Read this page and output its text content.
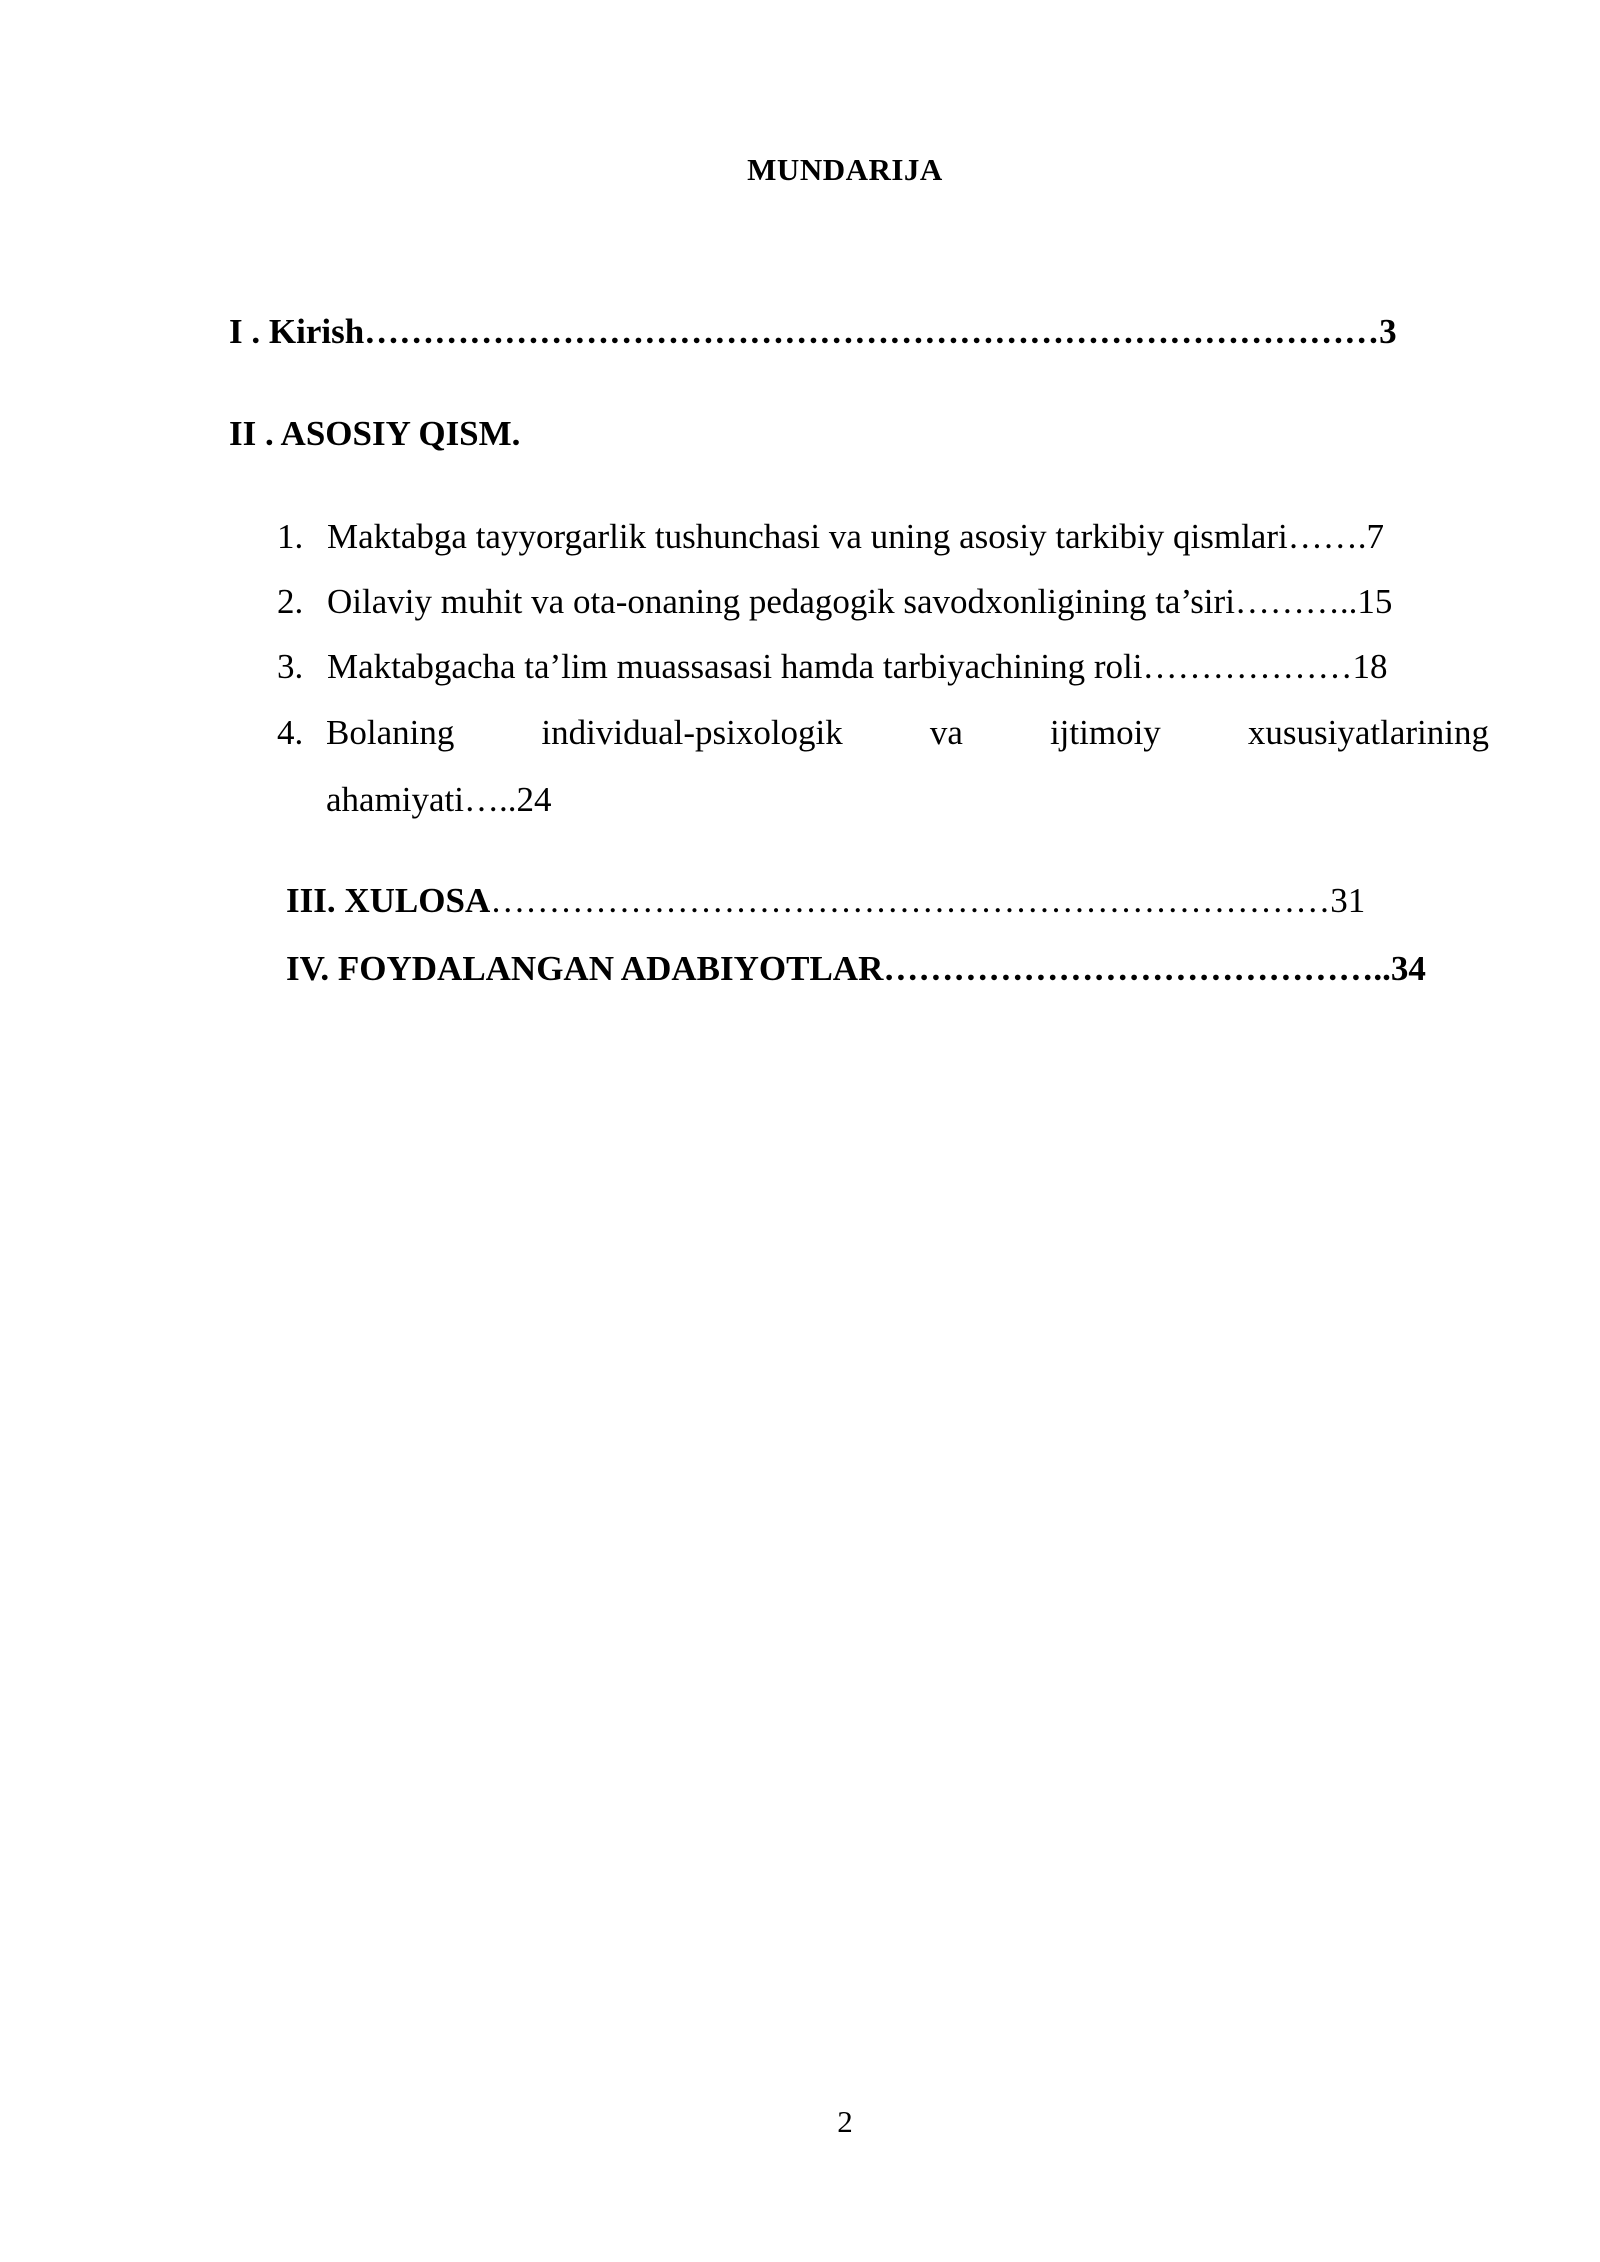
MUNDARIJA
I . Kirish……………………………………………………………………………3
II . ASOSIY QISM.
1. Maktabga tayyorgarlik tushunchasi va uning asosiy tarkibiy qismlari…….7
2. Oilaviy muhit va ota-onaning pedagogik savodxonligining ta’siri………..15
3. Maktabgacha ta’lim muassasasi hamda tarbiyachining roli………………18
4. Bolaning individual-psixologik va ijtimoiy xususiyatlarining
ahamiyati…..24
III. XULOSA………………………………………………………………31
IV. FOYDALANGAN ADABIYOTLAR……………………………………..34
2
